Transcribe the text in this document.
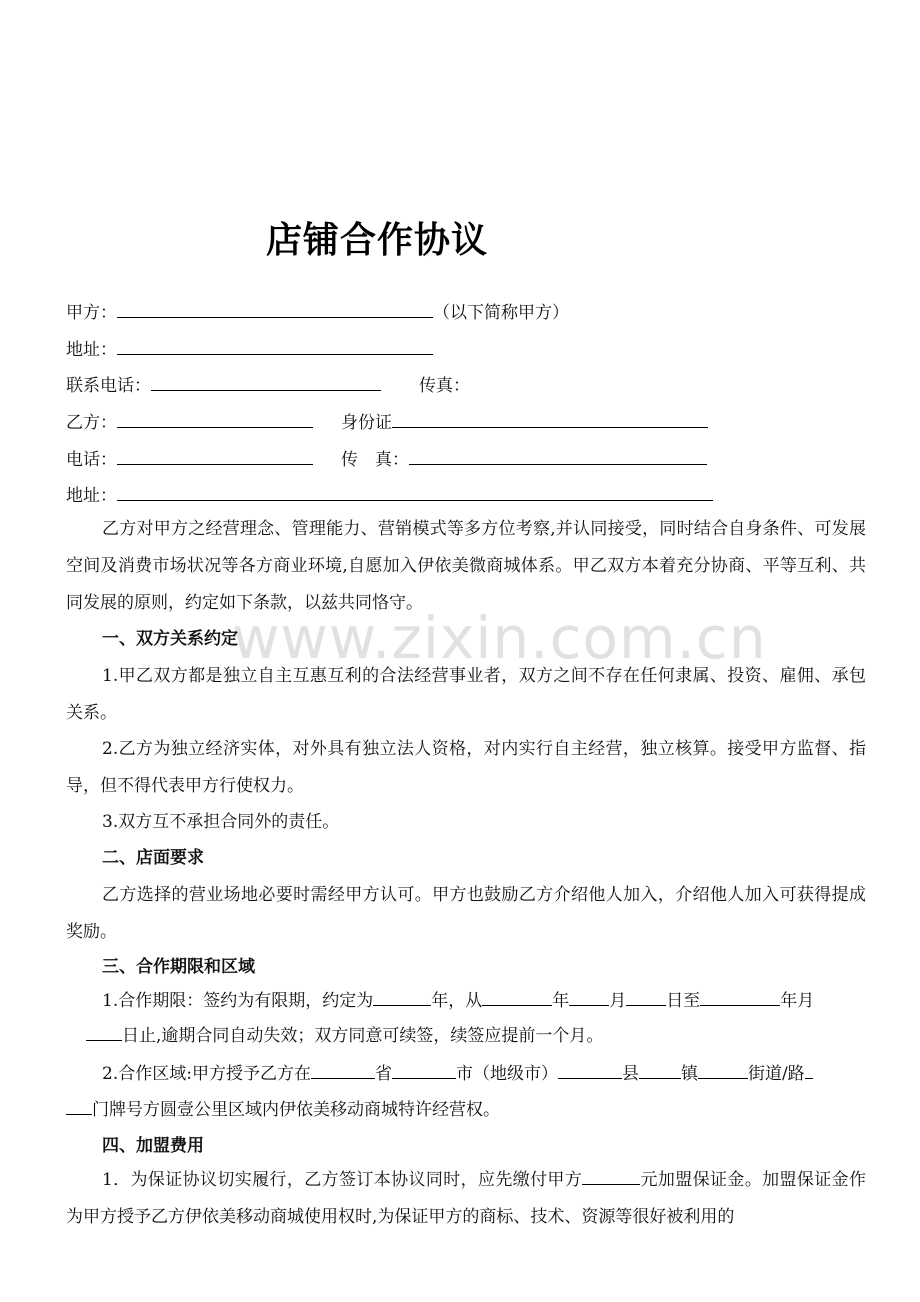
www.zixin.com.cn
店铺合作协议
甲方：	（以下简称甲方）
地址：
联系电话：	传真：
乙方：	身份证
电话：	传　真：
地址：

乙方对甲方之经营理念、管理能力、营销模式等多方位考察,并认同接受，同时结合自身条件、可发展空间及消费市场状况等各方商业环境,自愿加入伊依美微商城体系。甲乙双方本着充分协商、平等互利、共同发展的原则，约定如下条款，以兹共同恪守。

一、双方关系约定

1.甲乙双方都是独立自主互惠互利的合法经营事业者，双方之间不存在任何隶属、投资、雇佣、承包关系。

2.乙方为独立经济实体，对外具有独立法人资格，对内实行自主经营，独立核算。接受甲方监督、指导，但不得代表甲方行使权力。

3.双方互不承担合同外的责任。

二、店面要求

乙方选择的营业场地必要时需经甲方认可。甲方也鼓励乙方介绍他人加入，介绍他人加入可获得提成奖励。

三、合作期限和区域
1.合作期限：签约为有限期，约定为	年，从	年 月 日至	年月
日止,逾期合同自动失效；双方同意可续签，续签应提前一个月。
2.合作区域:甲方授予乙方在	省	市（地级市）	县 镇	街道/路
门牌号方圆壹公里区域内伊依美移动商城特许经营权。
四、加盟费用
1．为保证协议切实履行，乙方签订本协议同时，应先缴付甲方	元加盟保证金。加盟保证金作为甲方授予乙方伊依美移动商城使用权时,为保证甲方的商标、技术、资源等很好被利用的
